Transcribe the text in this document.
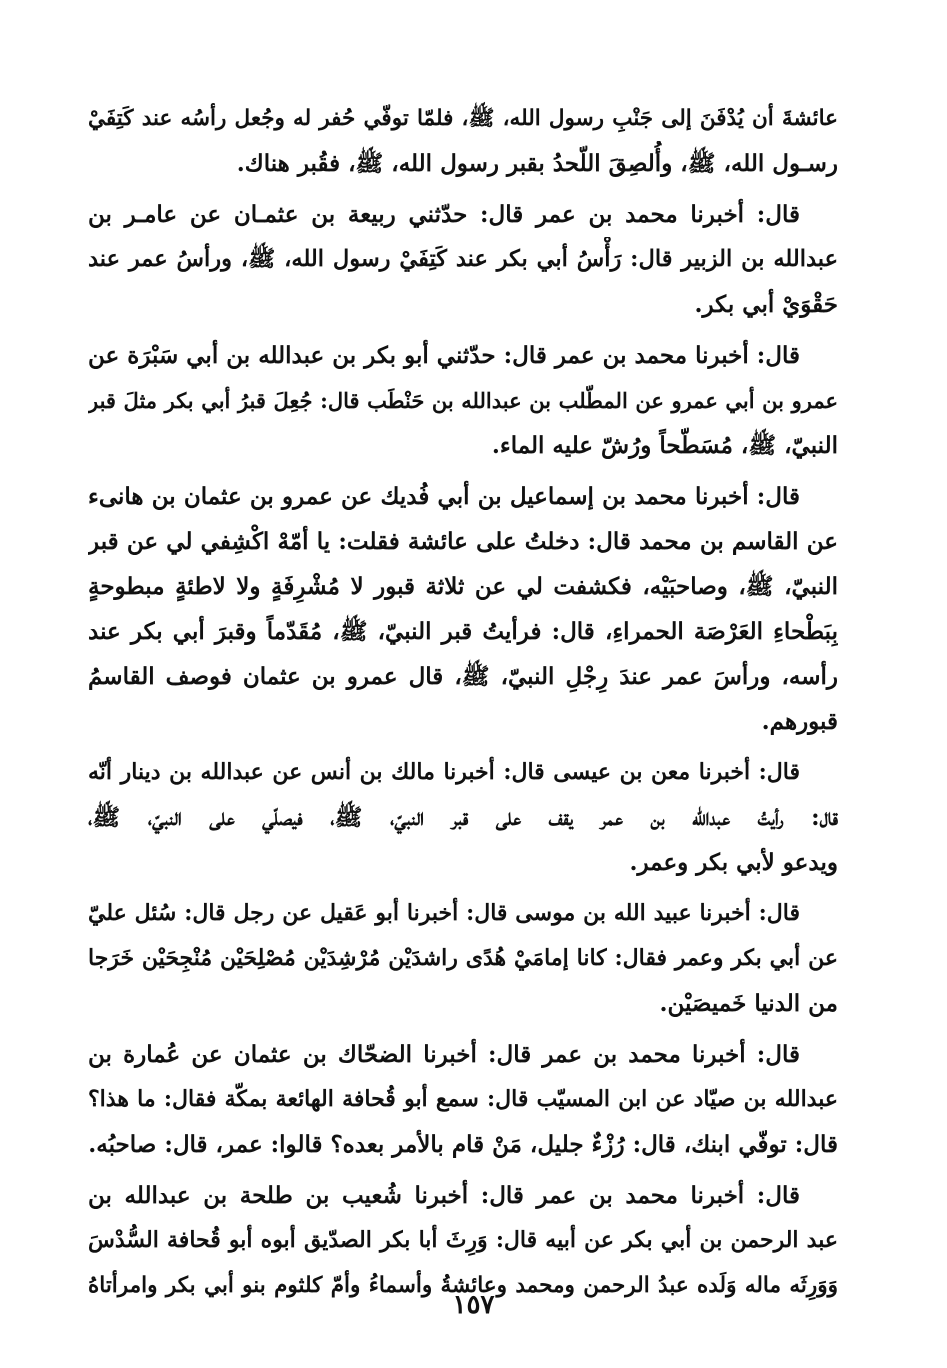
عائشةَ أن يُدْفَنَ إلى جَنْبِ رسول الله، ﷺ، فلمّا توفّي حُفر له وجُعل رأسُه عند كَتِفَيْ
رسـول الله، ﷺ، وأُلصِقَ اللّحدُ بقبر رسول الله، ﷺ، فقُبر هناك.
قال: أخبرنا محمد بن عمر قال: حدّثني ربيعة بن عثمـان عن عامـر بن
عبدالله بن الزبير قال: رَأْسُ أبي بكر عند كَتِفَيْ رسول الله، ﷺ، ورأسُ عمر عند
حَقْوَيْ أبي بكر.
قال: أخبرنا محمد بن عمر قال: حدّثني أبو بكر بن عبدالله بن أبي سَبْرَة عن
عمرو بن أبي عمرو عن المطّلب بن عبدالله بن حَنْطَب قال: جُعِلَ قبرُ أبي بكر مثلَ قبر
النبيّ، ﷺ، مُسَطّحاً ورُشّ عليه الماء.
قال: أخبرنا محمد بن إسماعيل بن أبي فُديك عن عمرو بن عثمان بن هانىء
عن القاسم بن محمد قال: دخلتُ على عائشة فقلت: يا أمّهْ اكْشِفي لي عن قبر
النبيّ، ﷺ، وصاحبَيْه، فكشفت لي عن ثلاثة قبور لا مُشْرِفَةٍ ولا لاطئةٍ مبطوحةٍ
بِبَطْحاءِ العَرْصَة الحمراءِ، قال: فرأيتُ قبر النبيّ، ﷺ، مُقَدّماً وقبرَ أبي بكر عند
رأسه، ورأسَ عمر عندَ رِجْلِ النبيّ، ﷺ، قال عمرو بن عثمان فوصف القاسمُ
قبورهم.
قال: أخبرنا معن بن عيسى قال: أخبرنا مالك بن أنس عن عبدالله بن دينار أنّه
قال: رأيتُ عبدالله بن عمر يقف على قبر النبيّ، ﷺ، فيصلّي على النبيّ، ﷺ،
ويدعو لأبي بكر وعمر.
قال: أخبرنا عبيد الله بن موسى قال: أخبرنا أبو عَقيل عن رجل قال: سُئل عليّ
عن أبي بكر وعمر فقال: كانا إمامَيْ هُدًى راشدَيْن مُرْشِدَيْن مُصْلِحَيْن مُنْجِحَيْن خَرَجا
من الدنيا خَميصَيْن.
قال: أخبرنا محمد بن عمر قال: أخبرنا الضحّاك بن عثمان عن عُمارة بن
عبدالله بن صيّاد عن ابن المسيّب قال: سمع أبو قُحافة الهائعة بمكّة فقال: ما هذا؟
قال: توفّي ابنك، قال: رُزْءٌ جليل، مَنْ قام بالأمر بعده؟ قالوا: عمر، قال: صاحبُه.
قال: أخبرنا محمد بن عمر قال: أخبرنا شُعيب بن طلحة بن عبدالله بن
عبد الرحمن بن أبي بكر عن أبيه قال: وَرِثَ أبا بكر الصدّيق أبوه أبو قُحافة السُّدْسَ
وَوَرِثَه ماله وَلَده عبدُ الرحمن ومحمد وعائشةُ وأسماءُ وأمّ كلثوم بنو أبي بكر وامرأتاهُ
١٥٧
